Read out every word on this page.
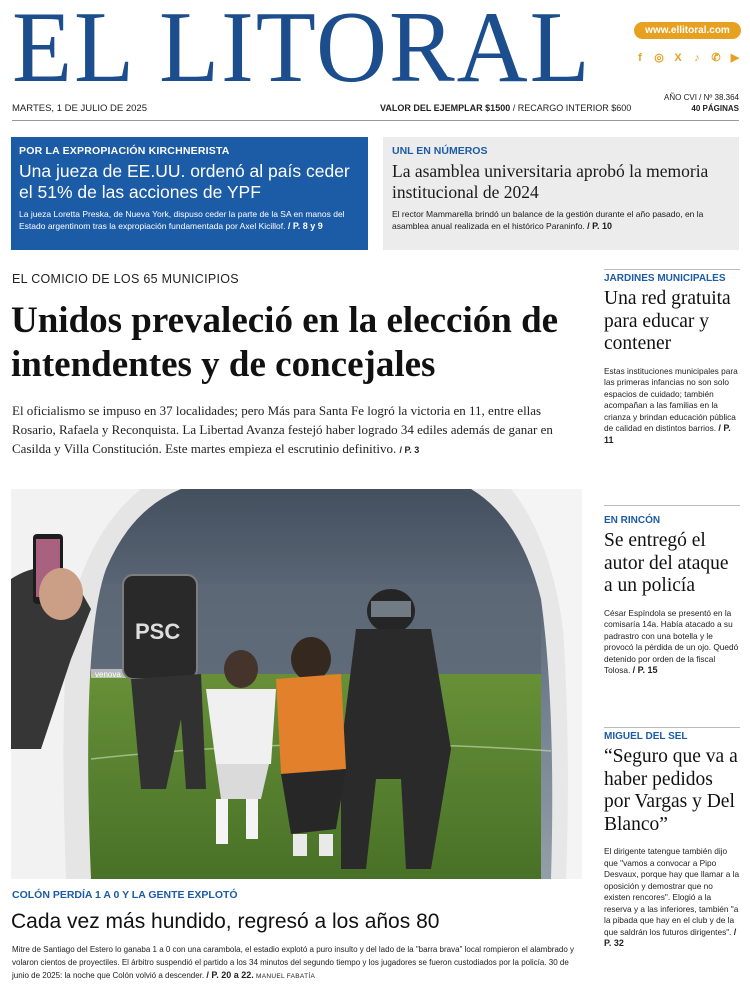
EL LITORAL	www.ellitoral.com
f	◎ X ♪ ✆ ▶
MARTES, 1 DE JULIO DE 2025	VALOR DEL EJEMPLAR $1500 / RECARGO INTERIOR $600
AÑO CVI / Nº 38.364
40 PÁGINAS
POR LA EXPROPIACIÓN KIRCHNERISTA
Una jueza de EE.UU. ordenó al país ceder el 51% de las acciones de YPF
La jueza Loretta Preska, de Nueva York, dispuso ceder la parte de la SA en manos del Estado argentinom tras la expropiación fundamentada por Axel Kicillof. / P. 8 y 9
UNL EN NÚMEROS
La asamblea universitaria aprobó la memoria institucional de 2024
El rector Mammarella brindó un balance de la gestión durante el año pasado, en la asamblea anual realizada en el histórico Paraninfo. / P. 10
EL COMICIO DE LOS 65 MUNICIPIOS
Unidos prevaleció en la elección de intendentes y de concejales
El oficialismo se impuso en 37 localidades; pero Más para Santa Fe logró la victoria en 11, entre ellas Rosario, Rafaela y Reconquista. La Libertad Avanza festejó haber logrado 34 ediles además de ganar en Casilda y Villa Constitución. Este martes empieza el escrutinio definitivo. / P. 3
venova
PSC
COLÓN PERDÍA 1 A 0 Y LA GENTE EXPLOTÓ
Cada vez más hundido, regresó a los años 80
Mitre de Santiago del Estero lo ganaba 1 a 0 con una carambola, el estadio explotó a puro insulto y del lado de la "barra brava" local rompieron el alambrado y volaron cientos de proyectiles. El árbitro suspendió el partido a los 34 minutos del segundo tiempo y los jugadores se fueron custodiados por la policía. 30 de junio de 2025: la noche que Colón volvió a descender. / P. 20 a 22. MANUEL FABATÍA
JARDINES MUNICIPALES
Una red gratuita para educar y contener
Estas instituciones municipales para las primeras infancias no son solo espacios de cuidado; también acompañan a las familias en la crianza y brindan educación pública de calidad en distintos barrios. / P. 11
EN RINCÓN
Se entregó el autor del ataque a un policía
César Espíndola se presentó en la comisaría 14a. Había atacado a su padrastro con una botella y le provocó la pérdida de un ojo. Quedó detenido por orden de la fiscal Tolosa. / P. 15
MIGUEL DEL SEL
“Seguro que va a haber pedidos por Vargas y Del Blanco”
El dirigente tatengue también dijo que "vamos a convocar a Pipo Desvaux, porque hay que llamar a la oposición y demostrar que no existen rencores". Elogió a la reserva y a las inferiores, también "a la pibada que hay en el club y de la que saldrán los futuros dirigentes". / P. 32
